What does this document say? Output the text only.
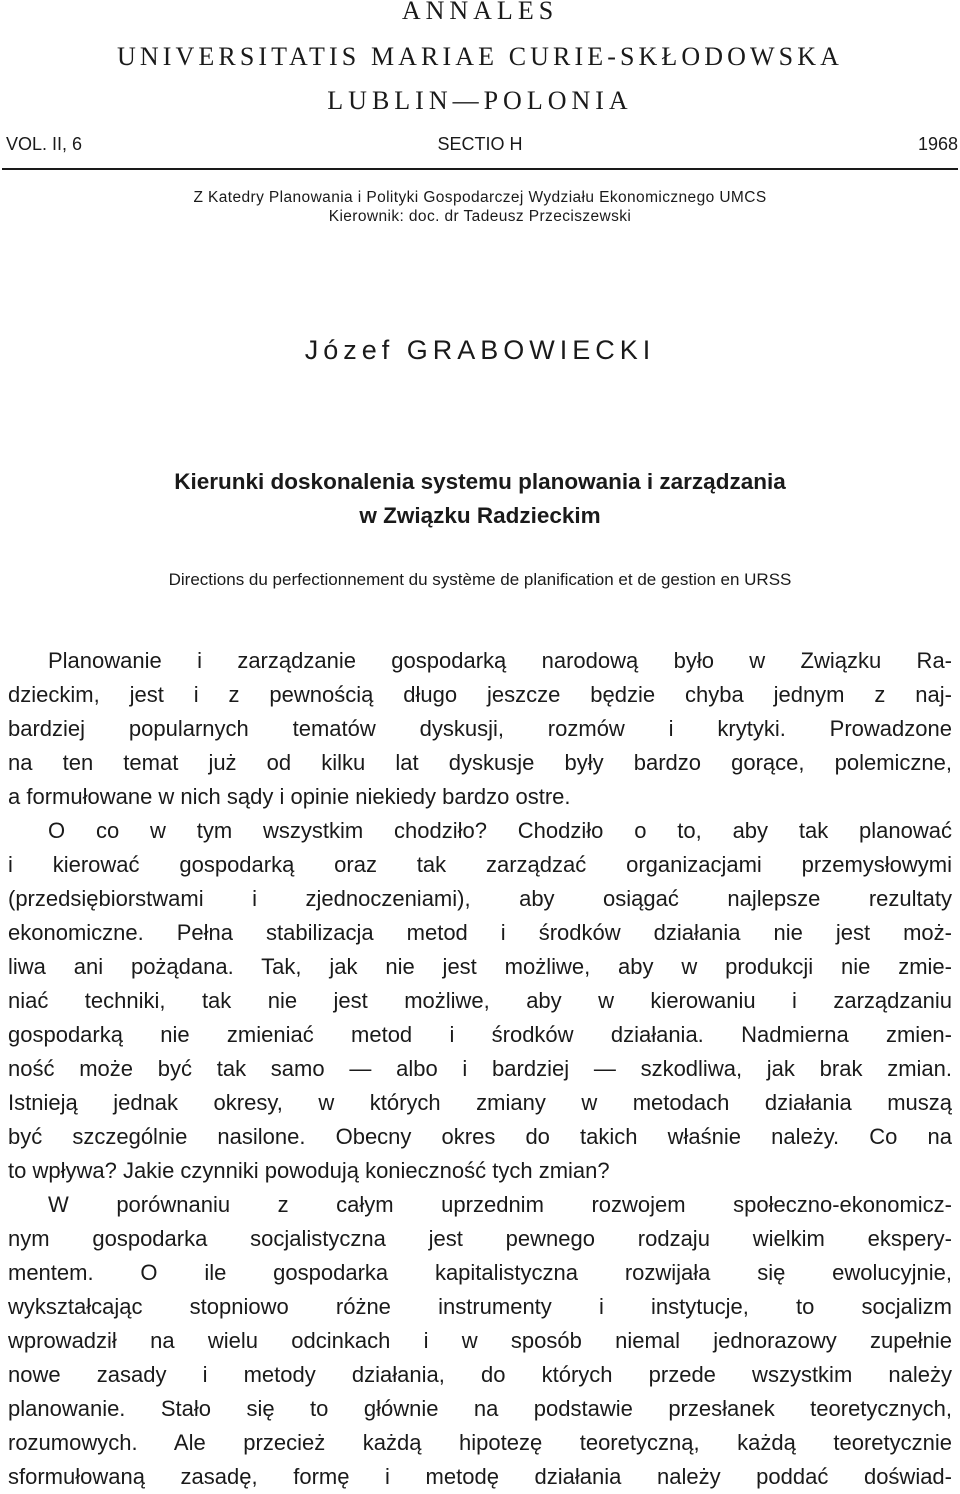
ANNALES
UNIVERSITATIS MARIAE CURIE-SKŁODOWSKA
LUBLIN—POLONIA
VOL. II, 6	SECTIO H	1968
Z Katedry Planowania i Polityki Gospodarczej Wydziału Ekonomicznego UMCS
Kierownik: doc. dr Tadeusz Przeciszewski
Józef GRABOWIECKI
Kierunki doskonalenia systemu planowania i zarządzania
w Związku Radzieckim
Directions du perfectionnement du système de planification et de gestion en URSS
Planowanie i zarządzanie gospodarką narodową było w Związku Ra-
dzieckim, jest i z pewnością długo jeszcze będzie chyba jednym z naj-
bardziej popularnych tematów dyskusji, rozmów i krytyki. Prowadzone
na ten temat już od kilku lat dyskusje były bardzo gorące, polemiczne,
a formułowane w nich sądy i opinie niekiedy bardzo ostre.
O co w tym wszystkim chodziło? Chodziło o to, aby tak planować
i kierować gospodarką oraz tak zarządzać organizacjami przemysłowymi
(przedsiębiorstwami i zjednoczeniami), aby osiągać najlepsze rezultaty
ekonomiczne. Pełna stabilizacja metod i środków działania nie jest moż-
liwa ani pożądana. Tak, jak nie jest możliwe, aby w produkcji nie zmie-
niać techniki, tak nie jest możliwe, aby w kierowaniu i zarządzaniu
gospodarką nie zmieniać metod i środków działania. Nadmierna zmien-
ność może być tak samo — albo i bardziej — szkodliwa, jak brak zmian.
Istnieją jednak okresy, w których zmiany w metodach działania muszą
być szczególnie nasilone. Obecny okres do takich właśnie należy. Co na
to wpływa? Jakie czynniki powodują konieczność tych zmian?
W porównaniu z całym uprzednim rozwojem społeczno-ekonomicz-
nym gospodarka socjalistyczna jest pewnego rodzaju wielkim ekspery-
mentem. O ile gospodarka kapitalistyczna rozwijała się ewolucyjnie,
wykształcając stopniowo różne instrumenty i instytucje, to socjalizm
wprowadził na wielu odcinkach i w sposób niemal jednorazowy zupełnie
nowe zasady i metody działania, do których przede wszystkim należy
planowanie. Stało się to głównie na podstawie przesłanek teoretycznych,
rozumowych. Ale przecież każdą hipotezę teoretyczną, każdą teoretycznie
sformułowaną zasadę, formę i metodę działania należy poddać doświad-
